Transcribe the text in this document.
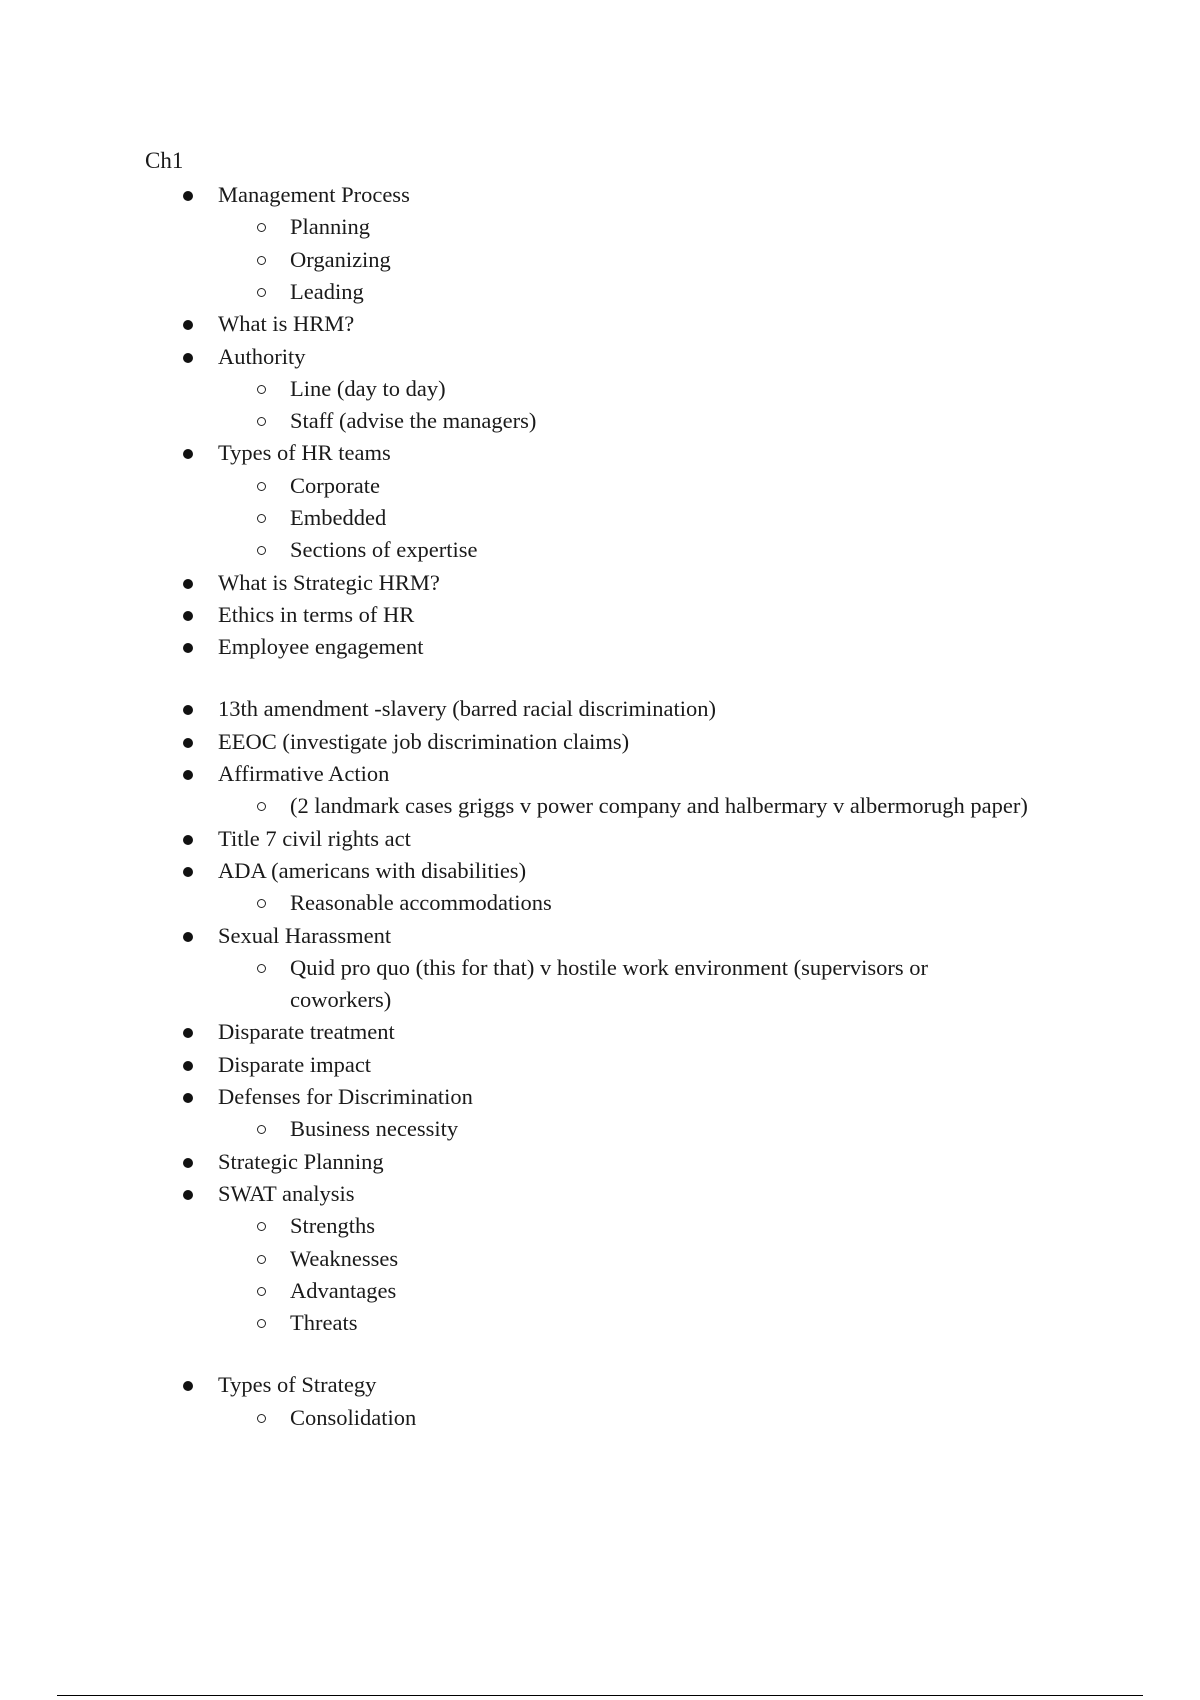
Ch1
Management Process
Planning
Organizing
Leading
What is HRM?
Authority
Line (day to day)
Staff (advise the managers)
Types of HR teams
Corporate
Embedded
Sections of expertise
What is Strategic HRM?
Ethics in terms of HR
Employee engagement
13th amendment -slavery (barred racial discrimination)
EEOC (investigate job discrimination claims)
Affirmative Action
(2 landmark cases griggs v power company and halbermary v albermorugh paper)
Title 7 civil rights act
ADA (americans with disabilities)
Reasonable accommodations
Sexual Harassment
Quid pro quo (this for that) v hostile work environment (supervisors or
coworkers)
Disparate treatment
Disparate impact
Defenses for Discrimination
Business necessity
Strategic Planning
SWAT analysis
Strengths
Weaknesses
Advantages
Threats
Types of Strategy
Consolidation
